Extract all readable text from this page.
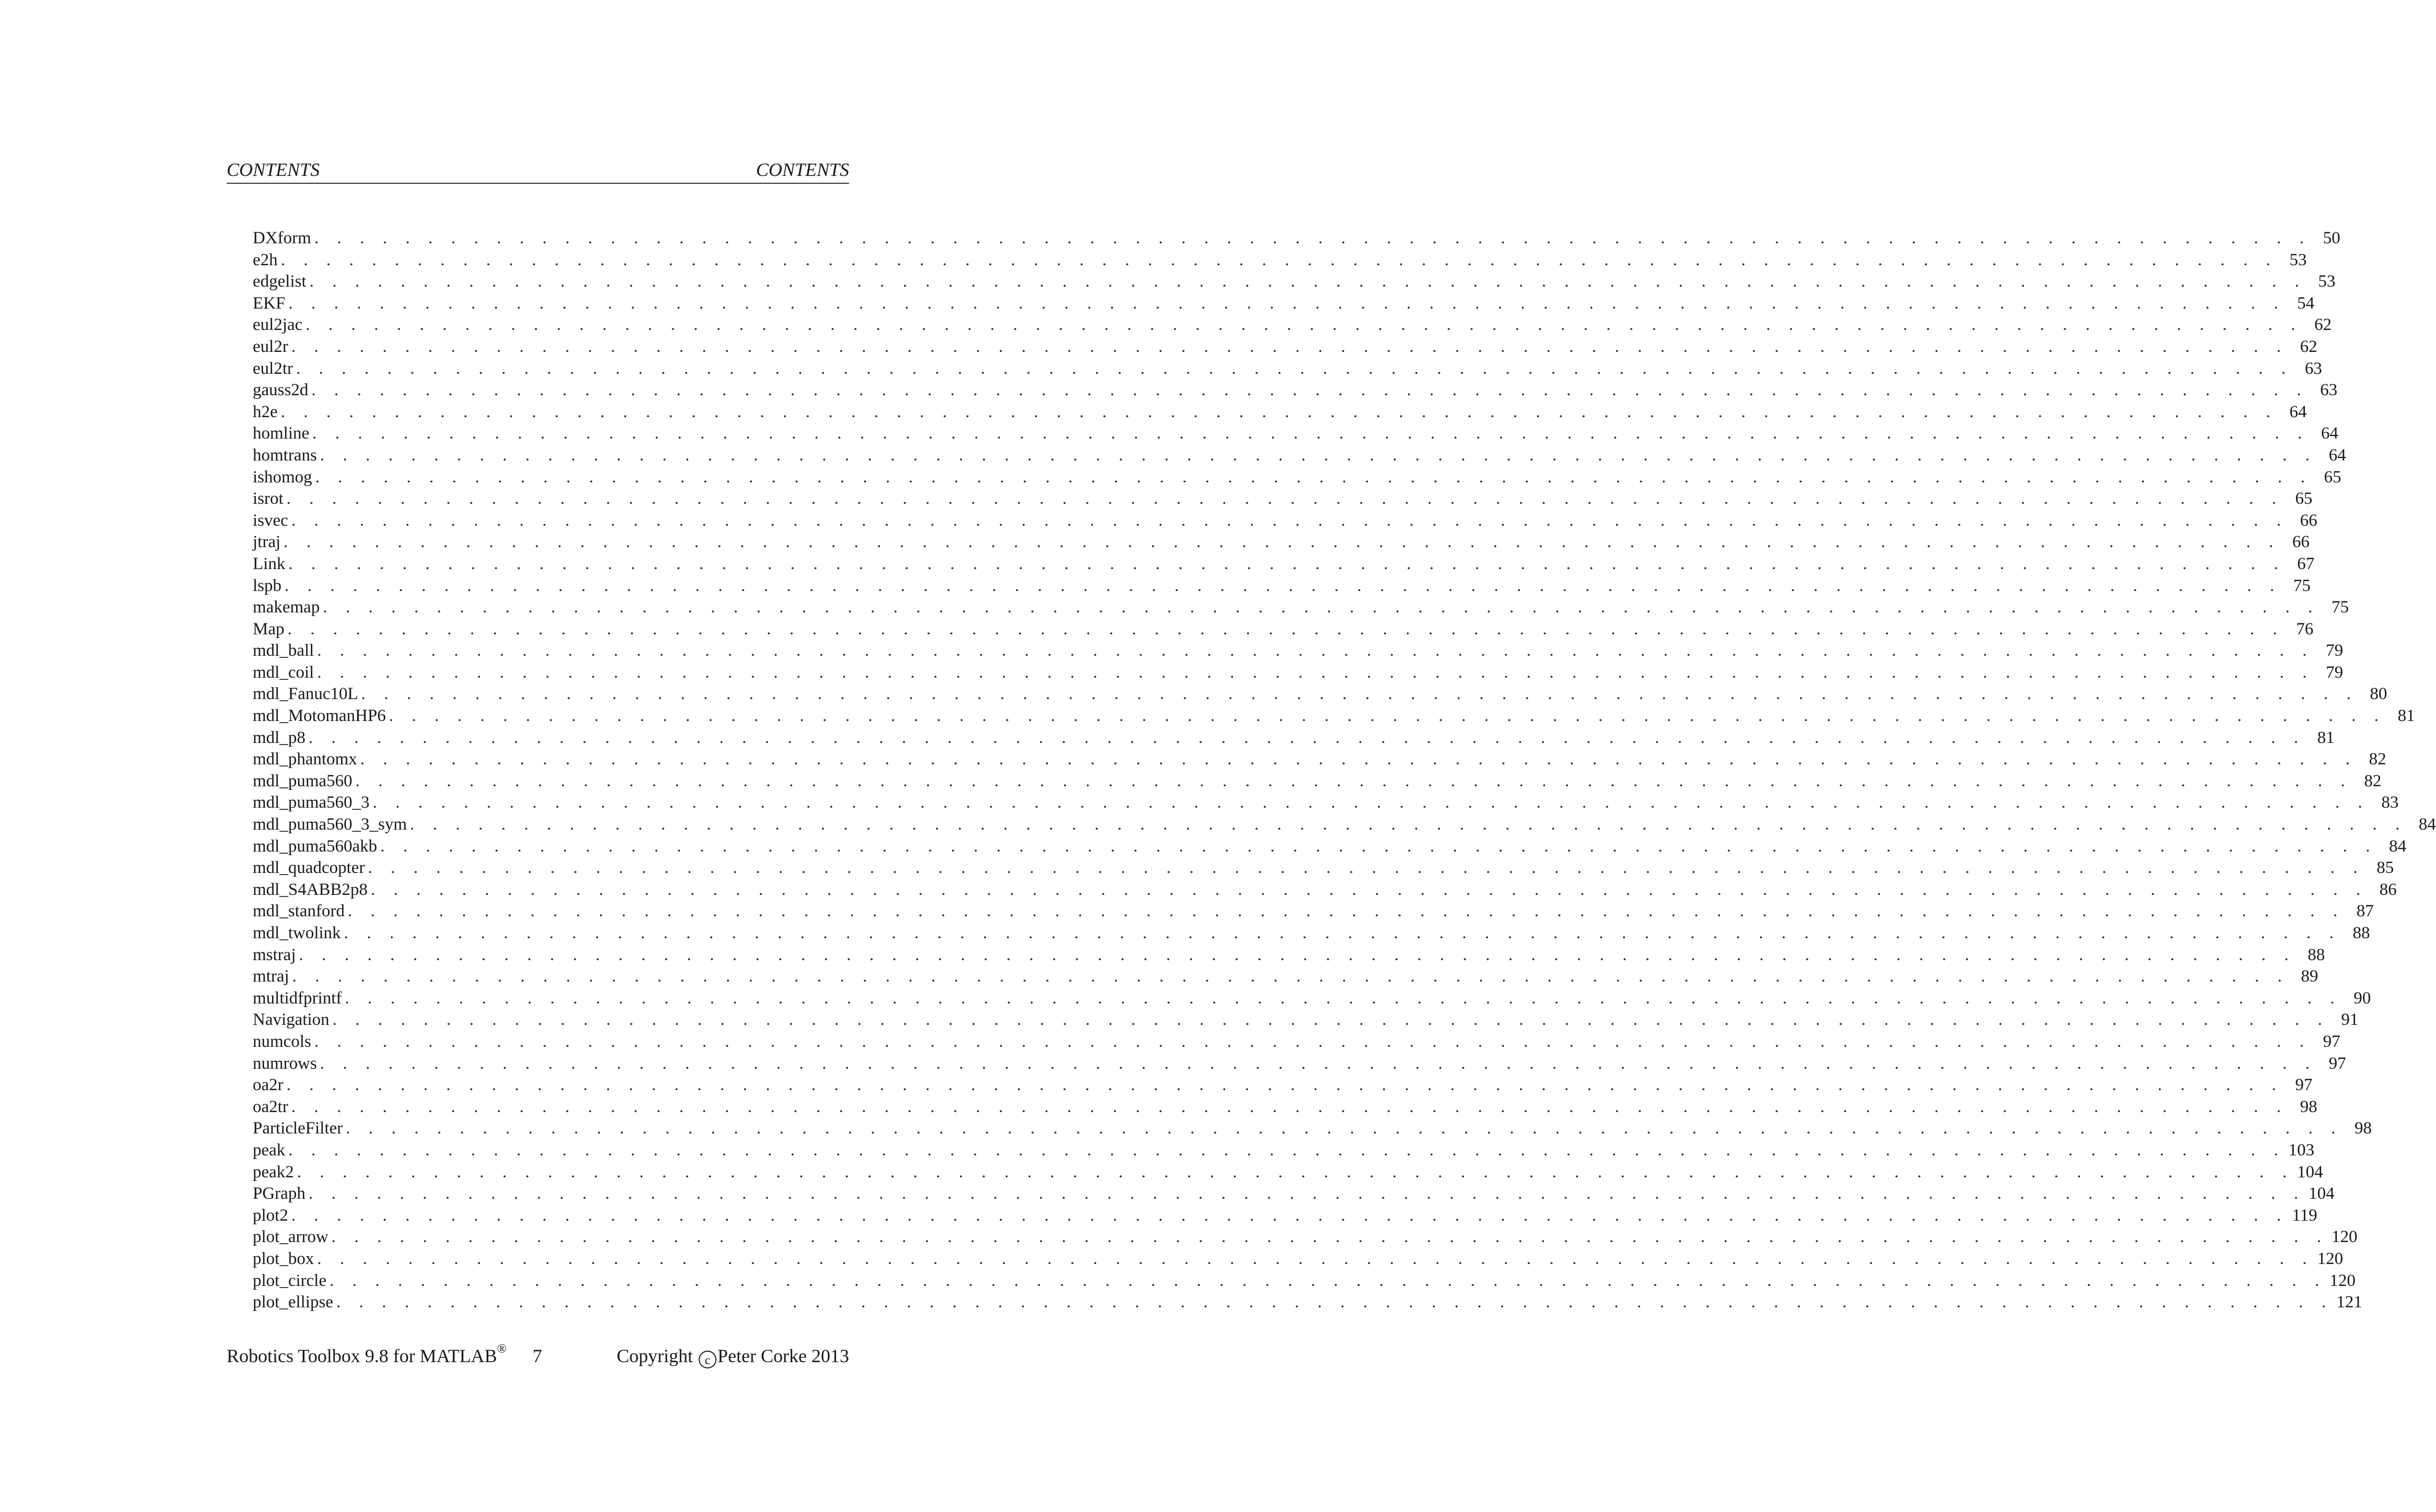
CONTENTS	CONTENTS
DXform . . . . . . . . . . . . . . . . . . . . . . . . . . . . . . . . . . . . . . . . . . . . . . . . . . . . . . . . . . . . . . . . . . . . . . . . . . . . . . . . . . . . . . . . 50
e2h . . . . . . . . . . . . . . . . . . . . . . . . . . . . . . . . . . . . . . . . . . . . . . . . . . . . . . . . . . . . . . . . . . . . . . . . . . . . . . . . . . . . . . . . 53
edgelist . . . . . . . . . . . . . . . . . . . . . . . . . . . . . . . . . . . . . . . . . . . . . . . . . . . . . . . . . . . . . . . . . . . . . . . . . . . . . . . . . . . . . . . . 53
EKF . . . . . . . . . . . . . . . . . . . . . . . . . . . . . . . . . . . . . . . . . . . . . . . . . . . . . . . . . . . . . . . . . . . . . . . . . . . . . . . . . . . . . . . . 54
eul2jac . . . . . . . . . . . . . . . . . . . . . . . . . . . . . . . . . . . . . . . . . . . . . . . . . . . . . . . . . . . . . . . . . . . . . . . . . . . . . . . . . . . . . . . . 62
eul2r . . . . . . . . . . . . . . . . . . . . . . . . . . . . . . . . . . . . . . . . . . . . . . . . . . . . . . . . . . . . . . . . . . . . . . . . . . . . . . . . . . . . . . . . 62
eul2tr . . . . . . . . . . . . . . . . . . . . . . . . . . . . . . . . . . . . . . . . . . . . . . . . . . . . . . . . . . . . . . . . . . . . . . . . . . . . . . . . . . . . . . . . 63
gauss2d . . . . . . . . . . . . . . . . . . . . . . . . . . . . . . . . . . . . . . . . . . . . . . . . . . . . . . . . . . . . . . . . . . . . . . . . . . . . . . . . . . . . . . . . 63
h2e . . . . . . . . . . . . . . . . . . . . . . . . . . . . . . . . . . . . . . . . . . . . . . . . . . . . . . . . . . . . . . . . . . . . . . . . . . . . . . . . . . . . . . . . 64
homline . . . . . . . . . . . . . . . . . . . . . . . . . . . . . . . . . . . . . . . . . . . . . . . . . . . . . . . . . . . . . . . . . . . . . . . . . . . . . . . . . . . . . . . . 64
homtrans . . . . . . . . . . . . . . . . . . . . . . . . . . . . . . . . . . . . . . . . . . . . . . . . . . . . . . . . . . . . . . . . . . . . . . . . . . . . . . . . . . . . . . . . 64
ishomog . . . . . . . . . . . . . . . . . . . . . . . . . . . . . . . . . . . . . . . . . . . . . . . . . . . . . . . . . . . . . . . . . . . . . . . . . . . . . . . . . . . . . . . . 65
isrot . . . . . . . . . . . . . . . . . . . . . . . . . . . . . . . . . . . . . . . . . . . . . . . . . . . . . . . . . . . . . . . . . . . . . . . . . . . . . . . . . . . . . . . . 65
isvec . . . . . . . . . . . . . . . . . . . . . . . . . . . . . . . . . . . . . . . . . . . . . . . . . . . . . . . . . . . . . . . . . . . . . . . . . . . . . . . . . . . . . . . . 66
jtraj . . . . . . . . . . . . . . . . . . . . . . . . . . . . . . . . . . . . . . . . . . . . . . . . . . . . . . . . . . . . . . . . . . . . . . . . . . . . . . . . . . . . . . . . 66
Link . . . . . . . . . . . . . . . . . . . . . . . . . . . . . . . . . . . . . . . . . . . . . . . . . . . . . . . . . . . . . . . . . . . . . . . . . . . . . . . . . . . . . . . . 67
lspb . . . . . . . . . . . . . . . . . . . . . . . . . . . . . . . . . . . . . . . . . . . . . . . . . . . . . . . . . . . . . . . . . . . . . . . . . . . . . . . . . . . . . . . . 75
makemap . . . . . . . . . . . . . . . . . . . . . . . . . . . . . . . . . . . . . . . . . . . . . . . . . . . . . . . . . . . . . . . . . . . . . . . . . . . . . . . . . . . . . . . . 75
Map . . . . . . . . . . . . . . . . . . . . . . . . . . . . . . . . . . . . . . . . . . . . . . . . . . . . . . . . . . . . . . . . . . . . . . . . . . . . . . . . . . . . . . . . 76
mdl_ball . . . . . . . . . . . . . . . . . . . . . . . . . . . . . . . . . . . . . . . . . . . . . . . . . . . . . . . . . . . . . . . . . . . . . . . . . . . . . . . . . . . . . . . . 79
mdl_coil . . . . . . . . . . . . . . . . . . . . . . . . . . . . . . . . . . . . . . . . . . . . . . . . . . . . . . . . . . . . . . . . . . . . . . . . . . . . . . . . . . . . . . . . 79
mdl_Fanuc10L . . . . . . . . . . . . . . . . . . . . . . . . . . . . . . . . . . . . . . . . . . . . . . . . . . . . . . . . . . . . . . . . . . . . . . . . . . . . . . . . . . . . . . . . 80
mdl_MotomanHP6 . . . . . . . . . . . . . . . . . . . . . . . . . . . . . . . . . . . . . . . . . . . . . . . . . . . . . . . . . . . . . . . . . . . . . . . . . . . . . . . . . . . . . . . . 81
mdl_p8 . . . . . . . . . . . . . . . . . . . . . . . . . . . . . . . . . . . . . . . . . . . . . . . . . . . . . . . . . . . . . . . . . . . . . . . . . . . . . . . . . . . . . . . . 81
mdl_phantomx . . . . . . . . . . . . . . . . . . . . . . . . . . . . . . . . . . . . . . . . . . . . . . . . . . . . . . . . . . . . . . . . . . . . . . . . . . . . . . . . . . . . . . . . 82
mdl_puma560 . . . . . . . . . . . . . . . . . . . . . . . . . . . . . . . . . . . . . . . . . . . . . . . . . . . . . . . . . . . . . . . . . . . . . . . . . . . . . . . . . . . . . . . . 82
mdl_puma560_3 . . . . . . . . . . . . . . . . . . . . . . . . . . . . . . . . . . . . . . . . . . . . . . . . . . . . . . . . . . . . . . . . . . . . . . . . . . . . . . . . . . . . . . . . 83
mdl_puma560_3_sym . . . . . . . . . . . . . . . . . . . . . . . . . . . . . . . . . . . . . . . . . . . . . . . . . . . . . . . . . . . . . . . . . . . . . . . . . . . . . . . . . . . . . . . . 84
mdl_puma560akb . . . . . . . . . . . . . . . . . . . . . . . . . . . . . . . . . . . . . . . . . . . . . . . . . . . . . . . . . . . . . . . . . . . . . . . . . . . . . . . . . . . . . . . . 84
mdl_quadcopter . . . . . . . . . . . . . . . . . . . . . . . . . . . . . . . . . . . . . . . . . . . . . . . . . . . . . . . . . . . . . . . . . . . . . . . . . . . . . . . . . . . . . . . . 85
mdl_S4ABB2p8 . . . . . . . . . . . . . . . . . . . . . . . . . . . . . . . . . . . . . . . . . . . . . . . . . . . . . . . . . . . . . . . . . . . . . . . . . . . . . . . . . . . . . . . . 86
mdl_stanford . . . . . . . . . . . . . . . . . . . . . . . . . . . . . . . . . . . . . . . . . . . . . . . . . . . . . . . . . . . . . . . . . . . . . . . . . . . . . . . . . . . . . . . . 87
mdl_twolink . . . . . . . . . . . . . . . . . . . . . . . . . . . . . . . . . . . . . . . . . . . . . . . . . . . . . . . . . . . . . . . . . . . . . . . . . . . . . . . . . . . . . . . . 88
mstraj . . . . . . . . . . . . . . . . . . . . . . . . . . . . . . . . . . . . . . . . . . . . . . . . . . . . . . . . . . . . . . . . . . . . . . . . . . . . . . . . . . . . . . . . 88
mtraj . . . . . . . . . . . . . . . . . . . . . . . . . . . . . . . . . . . . . . . . . . . . . . . . . . . . . . . . . . . . . . . . . . . . . . . . . . . . . . . . . . . . . . . . 89
multidfprintf . . . . . . . . . . . . . . . . . . . . . . . . . . . . . . . . . . . . . . . . . . . . . . . . . . . . . . . . . . . . . . . . . . . . . . . . . . . . . . . . . . . . . . . . 90
Navigation . . . . . . . . . . . . . . . . . . . . . . . . . . . . . . . . . . . . . . . . . . . . . . . . . . . . . . . . . . . . . . . . . . . . . . . . . . . . . . . . . . . . . . . . 91
numcols . . . . . . . . . . . . . . . . . . . . . . . . . . . . . . . . . . . . . . . . . . . . . . . . . . . . . . . . . . . . . . . . . . . . . . . . . . . . . . . . . . . . . . . . 97
numrows . . . . . . . . . . . . . . . . . . . . . . . . . . . . . . . . . . . . . . . . . . . . . . . . . . . . . . . . . . . . . . . . . . . . . . . . . . . . . . . . . . . . . . . . 97
oa2r . . . . . . . . . . . . . . . . . . . . . . . . . . . . . . . . . . . . . . . . . . . . . . . . . . . . . . . . . . . . . . . . . . . . . . . . . . . . . . . . . . . . . . . . 97
oa2tr . . . . . . . . . . . . . . . . . . . . . . . . . . . . . . . . . . . . . . . . . . . . . . . . . . . . . . . . . . . . . . . . . . . . . . . . . . . . . . . . . . . . . . . . 98
ParticleFilter . . . . . . . . . . . . . . . . . . . . . . . . . . . . . . . . . . . . . . . . . . . . . . . . . . . . . . . . . . . . . . . . . . . . . . . . . . . . . . . . . . . . . . . . 98
peak . . . . . . . . . . . . . . . . . . . . . . . . . . . . . . . . . . . . . . . . . . . . . . . . . . . . . . . . . . . . . . . . . . . . . . . . . . . . . . . . . . . . . . . . 103
peak2 . . . . . . . . . . . . . . . . . . . . . . . . . . . . . . . . . . . . . . . . . . . . . . . . . . . . . . . . . . . . . . . . . . . . . . . . . . . . . . . . . . . . . . . . 104
PGraph . . . . . . . . . . . . . . . . . . . . . . . . . . . . . . . . . . . . . . . . . . . . . . . . . . . . . . . . . . . . . . . . . . . . . . . . . . . . . . . . . . . . . . . . 104
plot2 . . . . . . . . . . . . . . . . . . . . . . . . . . . . . . . . . . . . . . . . . . . . . . . . . . . . . . . . . . . . . . . . . . . . . . . . . . . . . . . . . . . . . . . . 119
plot_arrow . . . . . . . . . . . . . . . . . . . . . . . . . . . . . . . . . . . . . . . . . . . . . . . . . . . . . . . . . . . . . . . . . . . . . . . . . . . . . . . . . . . . . . . . 120
plot_box . . . . . . . . . . . . . . . . . . . . . . . . . . . . . . . . . . . . . . . . . . . . . . . . . . . . . . . . . . . . . . . . . . . . . . . . . . . . . . . . . . . . . . . . 120
plot_circle . . . . . . . . . . . . . . . . . . . . . . . . . . . . . . . . . . . . . . . . . . . . . . . . . . . . . . . . . . . . . . . . . . . . . . . . . . . . . . . . . . . . . . . . 120
plot_ellipse . . . . . . . . . . . . . . . . . . . . . . . . . . . . . . . . . . . . . . . . . . . . . . . . . . . . . . . . . . . . . . . . . . . . . . . . . . . . . . . . . . . . . . . . 121
Robotics Toolbox 9.8 for MATLAB® 7	Copyright c Peter Corke 2013
